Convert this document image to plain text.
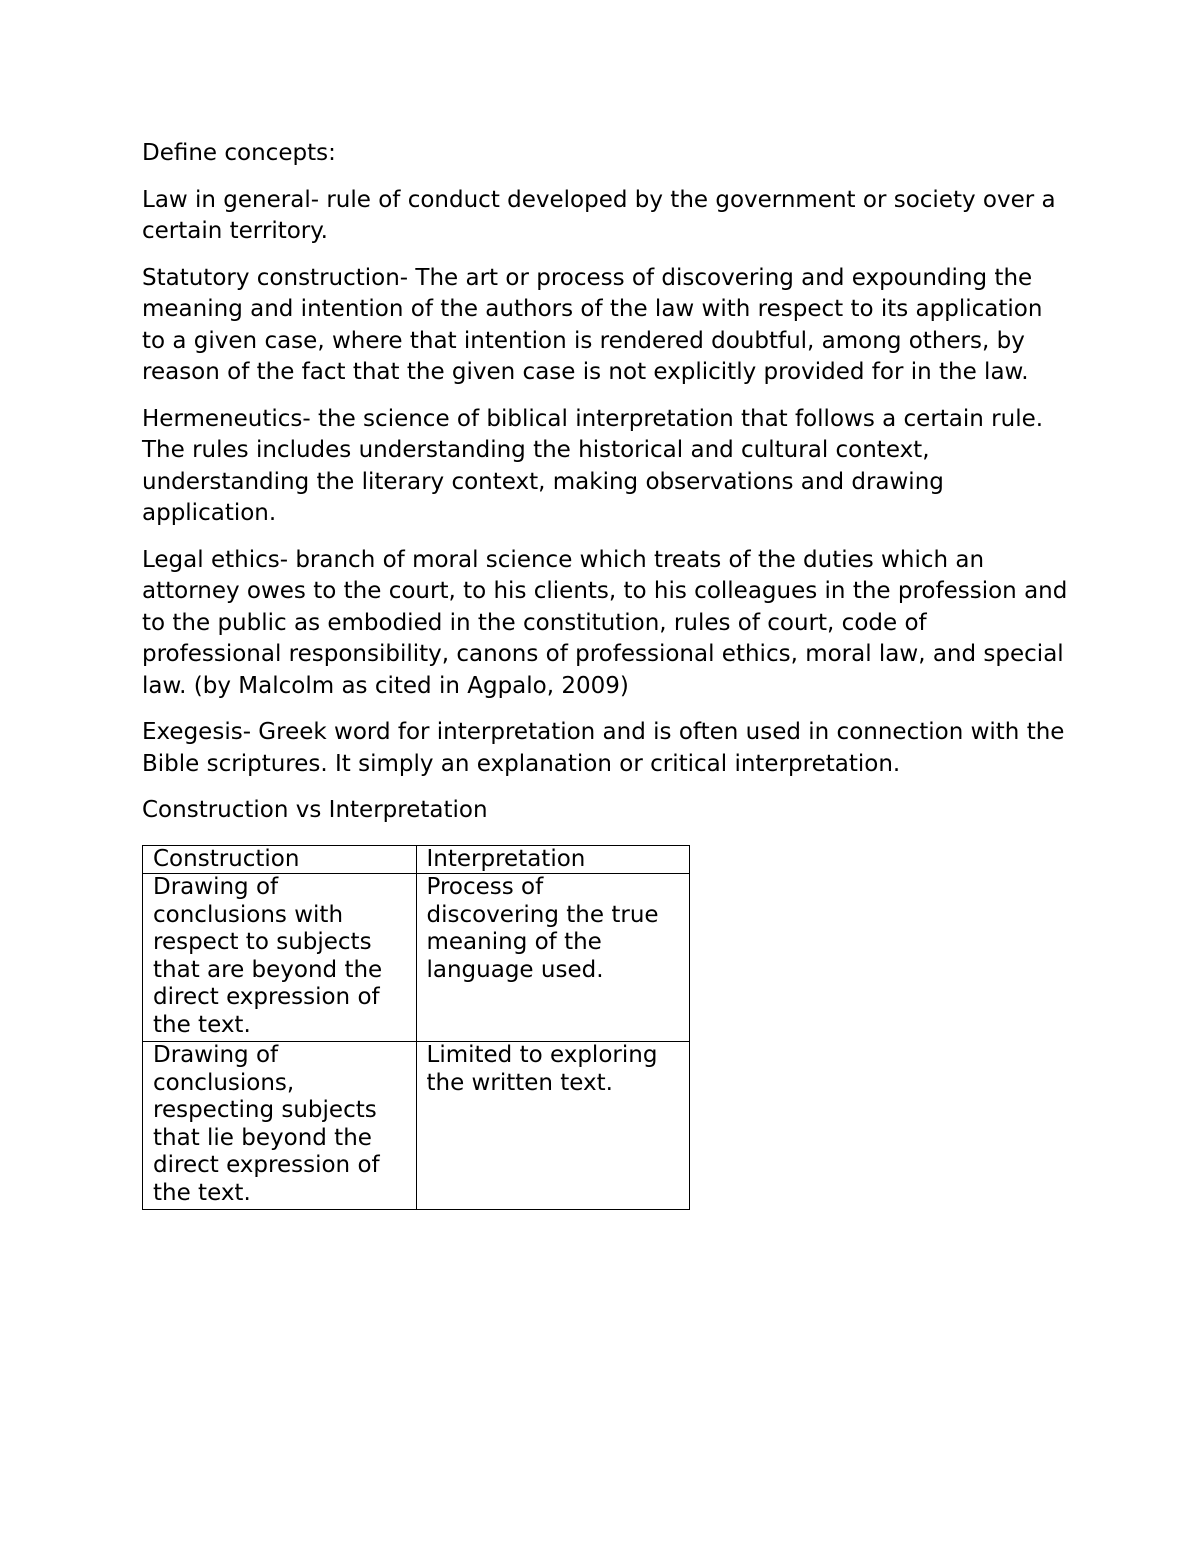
Define concepts:

Law in general- rule of conduct developed by the government or society over a certain territory.

Statutory construction- The art or process of discovering and expounding the meaning and intention of the authors of the law with respect to its application to a given case, where that intention is rendered doubtful, among others, by reason of the fact that the given case is not explicitly provided for in the law.

Hermeneutics- the science of biblical interpretation that follows a certain rule. The rules includes understanding the historical and cultural context, understanding the literary context, making observations and drawing application.

Legal ethics- branch of moral science which treats of the duties which an attorney owes to the court, to his clients, to his colleagues in the profession and to the public as embodied in the constitution, rules of court, code of professional responsibility, canons of professional ethics, moral law, and special law. (by Malcolm as cited in Agpalo, 2009)

Exegesis- Greek word for interpretation and is often used in connection with the Bible scriptures. It simply an explanation or critical interpretation.

Construction vs Interpretation

Construction	Interpretation
Drawing of conclusions with respect to subjects that are beyond the direct expression of the text.	Process of discovering the true meaning of the language used.
Drawing of conclusions, respecting subjects that lie beyond the direct expression of the text.	Limited to exploring the written text.
